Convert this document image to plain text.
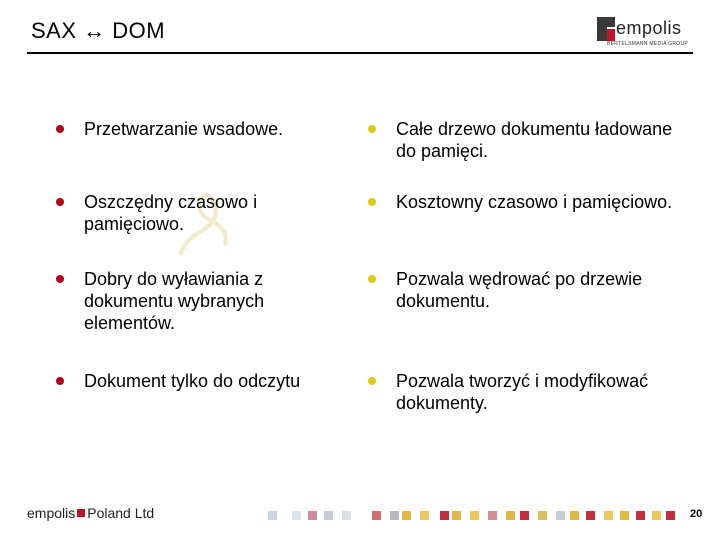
SAX ↔ DOM	empolis
BERTELSMANN MEDIA GROUP
Przetwarzanie wsadowe.
Oszczędny czasowo i pamięciowo.
Dobry do wyławiania z dokumentu wybranych elementów.
Dokument tylko do odczytu
Całe drzewo dokumentu ładowane do pamięci.
Kosztowny czasowo i pamięciowo.
Pozwala wędrować po drzewie dokumentu.
Pozwala tworzyć i modyfikować dokumenty.
empolis Poland Ltd	20
